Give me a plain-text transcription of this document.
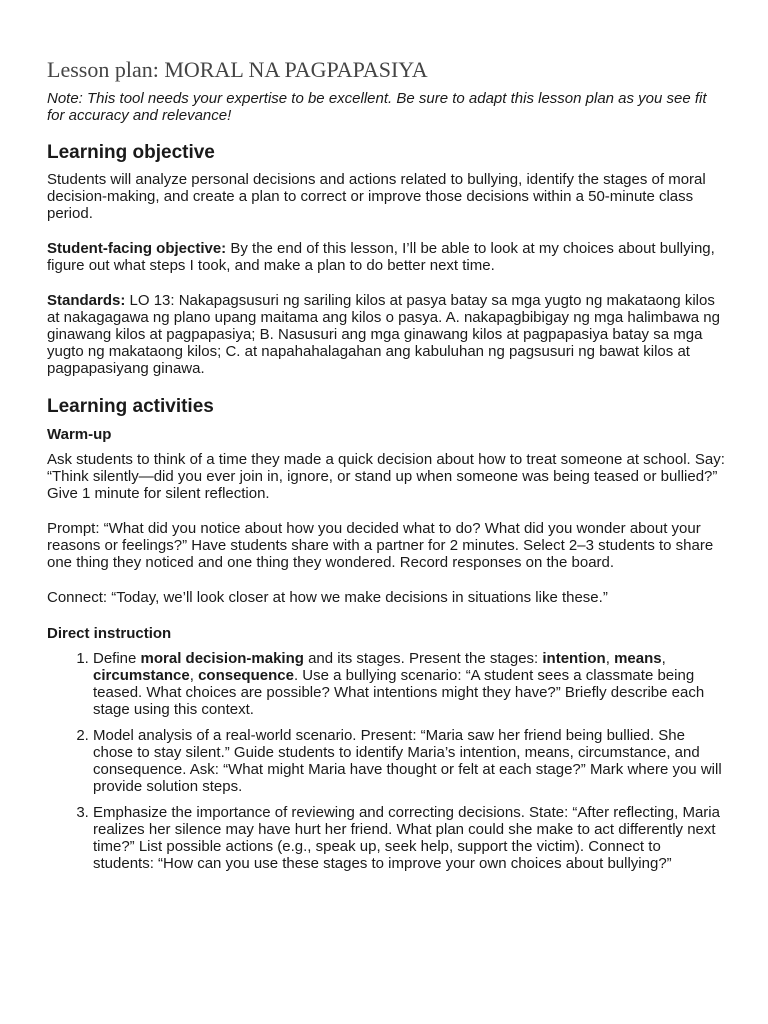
Lesson plan: MORAL NA PAGPAPASIYA

Note: This tool needs your expertise to be excellent. Be sure to adapt this lesson plan as you see fit for accuracy and relevance!

Learning objective

Students will analyze personal decisions and actions related to bullying, identify the stages of moral decision-making, and create a plan to correct or improve those decisions within a 50-minute class period.

Student-facing objective: By the end of this lesson, I’ll be able to look at my choices about bullying, figure out what steps I took, and make a plan to do better next time.

Standards: LO 13: Nakapagsusuri ng sariling kilos at pasya batay sa mga yugto ng makataong kilos at nakagagawa ng plano upang maitama ang kilos o pasya. A. nakapagbibigay ng mga halimbawa ng ginawang kilos at pagpapasiya; B. Nasusuri ang mga ginawang kilos at pagpapasiya batay sa mga yugto ng makataong kilos; C. at napahahalagahan ang kabuluhan ng pagsusuri ng bawat kilos at pagpapasiyang ginawa.

Learning activities
Warm-up

Ask students to think of a time they made a quick decision about how to treat someone at school. Say: “Think silently—did you ever join in, ignore, or stand up when someone was being teased or bullied?” Give 1 minute for silent reflection.

Prompt: “What did you notice about how you decided what to do? What did you wonder about your reasons or feelings?” Have students share with a partner for 2 minutes. Select 2–3 students to share one thing they noticed and one thing they wondered. Record responses on the board.

Connect: “Today, we’ll look closer at how we make decisions in situations like these.”

Direct instruction
1. Define moral decision-making and its stages. Present the stages: intention, means, circumstance, consequence. Use a bullying scenario: “A student sees a classmate being teased. What choices are possible? What intentions might they have?” Briefly describe each stage using this context.
2. Model analysis of a real-world scenario. Present: “Maria saw her friend being bullied. She chose to stay silent.” Guide students to identify Maria’s intention, means, circumstance, and consequence. Ask: “What might Maria have thought or felt at each stage?” Mark where you will provide solution steps.
3. Emphasize the importance of reviewing and correcting decisions. State: “After reflecting, Maria realizes her silence may have hurt her friend. What plan could she make to act differently next time?” List possible actions (e.g., speak up, seek help, support the victim). Connect to students: “How can you use these stages to improve your own choices about bullying?”
